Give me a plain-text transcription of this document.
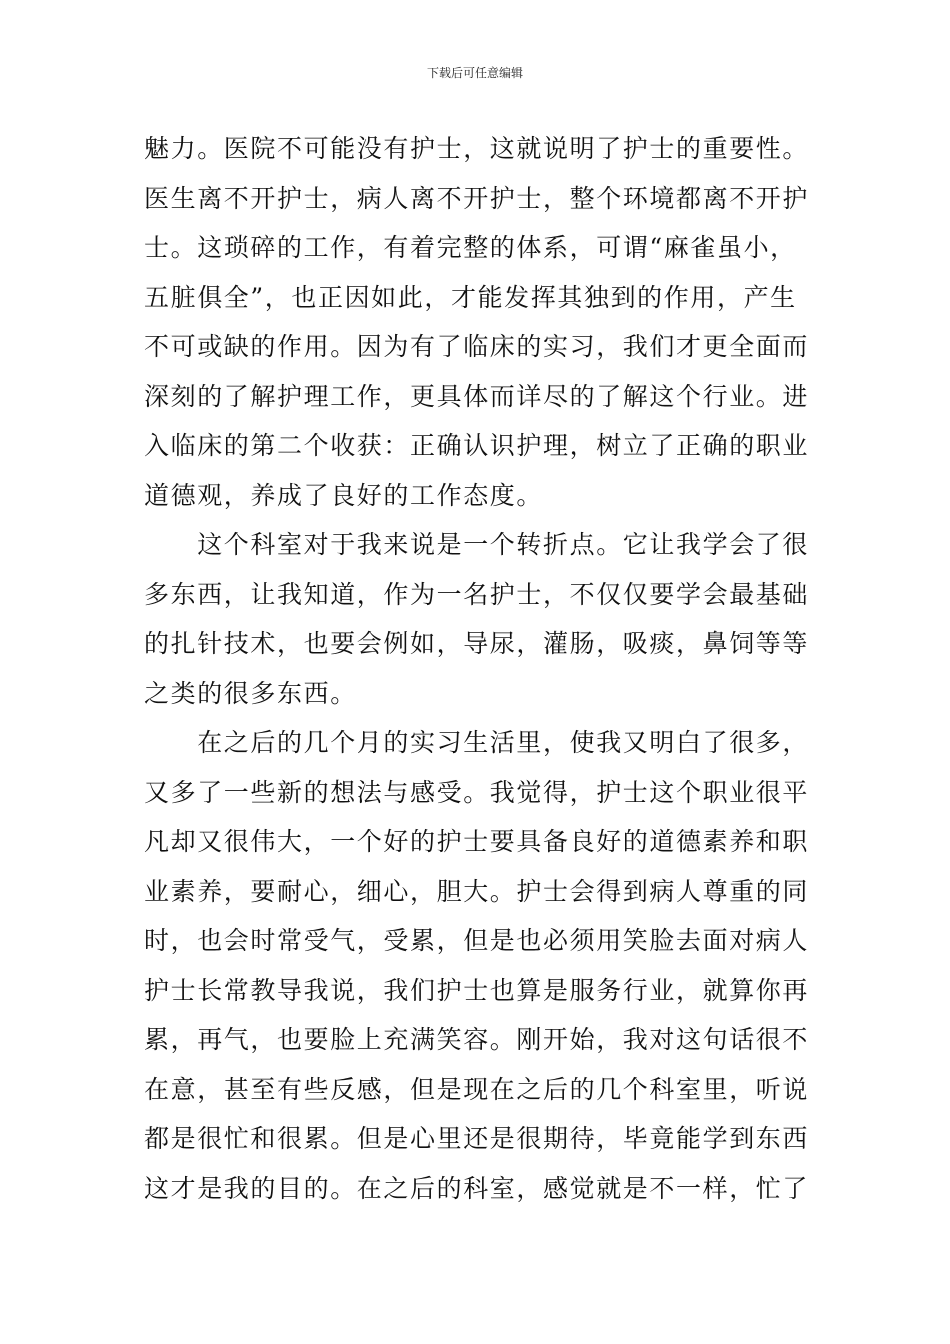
下载后可任意编辑
魅力。医院不可能没有护士，这就说明了护士的重要性。
医生离不开护士，病人离不开护士，整个环境都离不开护
士。这琐碎的工作，有着完整的体系，可谓“麻雀虽小，
五脏俱全”，也正因如此，才能发挥其独到的作用，产生
不可或缺的作用。因为有了临床的实习，我们才更全面而
深刻的了解护理工作，更具体而详尽的了解这个行业。进
入临床的第二个收获：正确认识护理，树立了正确的职业
道德观，养成了良好的工作态度。
　　这个科室对于我来说是一个转折点。它让我学会了很
多东西，让我知道，作为一名护士，不仅仅要学会最基础
的扎针技术，也要会例如，导尿，灌肠，吸痰，鼻饲等等
之类的很多东西。
　　在之后的几个月的实习生活里，使我又明白了很多，
又多了一些新的想法与感受。我觉得，护士这个职业很平
凡却又很伟大，一个好的护士要具备良好的道德素养和职
业素养，要耐心，细心，胆大。护士会得到病人尊重的同
时，也会时常受气，受累，但是也必须用笑脸去面对病人
护士长常教导我说，我们护士也算是服务行业，就算你再
累，再气，也要脸上充满笑容。刚开始，我对这句话很不
在意，甚至有些反感，但是现在之后的几个科室里，听说
都是很忙和很累。但是心里还是很期待，毕竟能学到东西
这才是我的目的。在之后的科室，感觉就是不一样，忙了
